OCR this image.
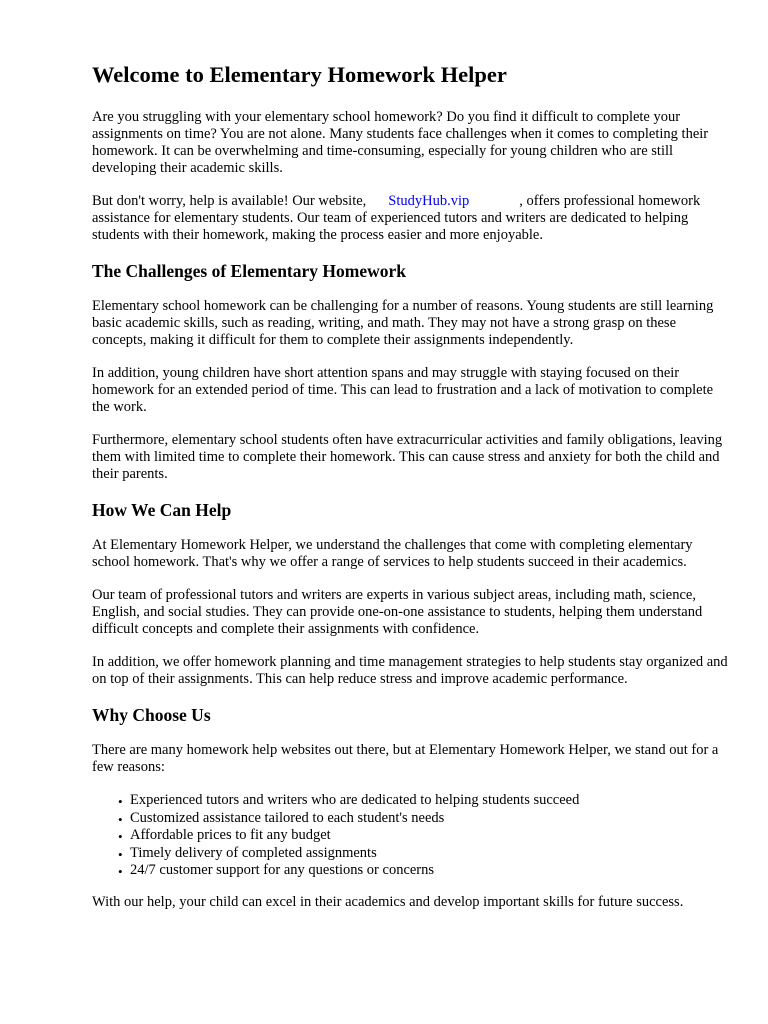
Welcome to Elementary Homework Helper

Are you struggling with your elementary school homework? Do you find it difficult to complete your assignments on time? You are not alone. Many students face challenges when it comes to completing their homework. It can be overwhelming and time-consuming, especially for young children who are still developing their academic skills.

But don't worry, help is available! Our website, StudyHub.vip	, offers professional homework assistance for elementary students. Our team of experienced tutors and writers are dedicated to helping students with their homework, making the process easier and more enjoyable.

The Challenges of Elementary Homework

Elementary school homework can be challenging for a number of reasons. Young students are still learning basic academic skills, such as reading, writing, and math. They may not have a strong grasp on these concepts, making it difficult for them to complete their assignments independently.

In addition, young children have short attention spans and may struggle with staying focused on their homework for an extended period of time. This can lead to frustration and a lack of motivation to complete the work.

Furthermore, elementary school students often have extracurricular activities and family obligations, leaving them with limited time to complete their homework. This can cause stress and anxiety for both the child and their parents.

How We Can Help

At Elementary Homework Helper, we understand the challenges that come with completing elementary school homework. That's why we offer a range of services to help students succeed in their academics.

Our team of professional tutors and writers are experts in various subject areas, including math, science, English, and social studies. They can provide one-on-one assistance to students, helping them understand difficult concepts and complete their assignments with confidence.

In addition, we offer homework planning and time management strategies to help students stay organized and on top of their assignments. This can help reduce stress and improve academic performance.

Why Choose Us

There are many homework help websites out there, but at Elementary Homework Helper, we stand out for a few reasons:

• Experienced tutors and writers who are dedicated to helping students succeed
• Customized assistance tailored to each student's needs
• Affordable prices to fit any budget
• Timely delivery of completed assignments
• 24/7 customer support for any questions or concerns

With our help, your child can excel in their academics and develop important skills for future success.
